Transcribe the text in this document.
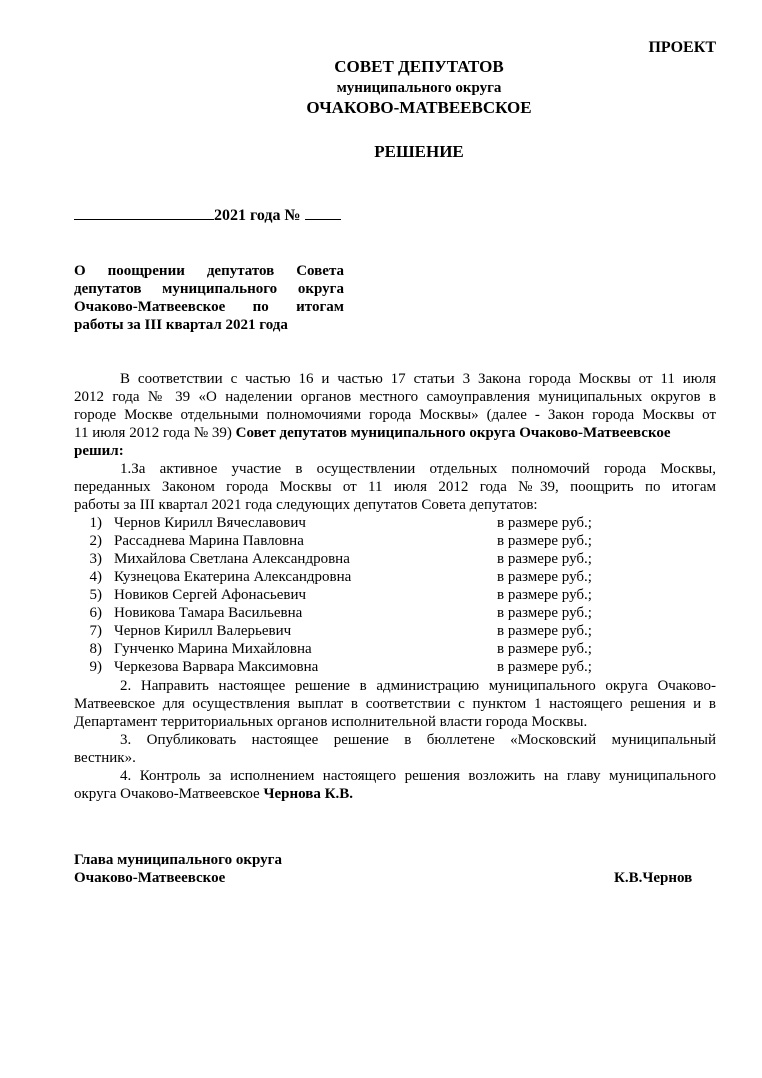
ПРОЕКТ
СОВЕТ ДЕПУТАТОВ
муниципального округа
ОЧАКОВО-МАТВЕЕВСКОЕ
РЕШЕНИЕ
2021 года №
О поощрении депутатов Совета
депутатов муниципального округа
Очаково-Матвеевское по итогам
работы за III квартал 2021 года
В соответствии с частью 16 и частью 17 статьи 3 Закона города Москвы от 11 июля
2012 года № 39 «О наделении органов местного самоуправления муниципальных округов в
городе Москве отдельными полномочиями города Москвы» (далее - Закон города Москвы от
11 июля 2012 года № 39) Совет депутатов муниципального округа Очаково-Матвеевское
решил:
1.За активное участие в осуществлении отдельных полномочий города Москвы,
переданных Законом города Москвы от 11 июля 2012 года №39, поощрить по итогам
работы за III квартал 2021 года следующих депутатов Совета депутатов:
1) Чернов Кирилл Вячеславович	в размере руб.;
2) Рассаднева Марина Павловна	в размере руб.;
3) Михайлова Светлана Александровна	в размере руб.;
4) Кузнецова Екатерина Александровна	в размере руб.;
5) Новиков Сергей Афонасьевич	в размере руб.;
6) Новикова Тамара Васильевна	в размере руб.;
7) Чернов Кирилл Валерьевич	в размере руб.;
8) Гунченко Марина Михайловна	в размере руб.;
9) Черкезова Варвара Максимовна	в размере руб.;
2. Направить настоящее решение в администрацию муниципального округа Очаково-
Матвеевское для осуществления выплат в соответствии с пунктом 1 настоящего решения и в
Департамент территориальных органов исполнительной власти города Москвы.
3. Опубликовать настоящее решение в бюллетене «Московский муниципальный
вестник».
4. Контроль за исполнением настоящего решения возложить на главу муниципального
округа Очаково-Матвеевское Чернова К.В.
Глава муниципального округа
Очаково-Матвеевское	К.В.Чернов
